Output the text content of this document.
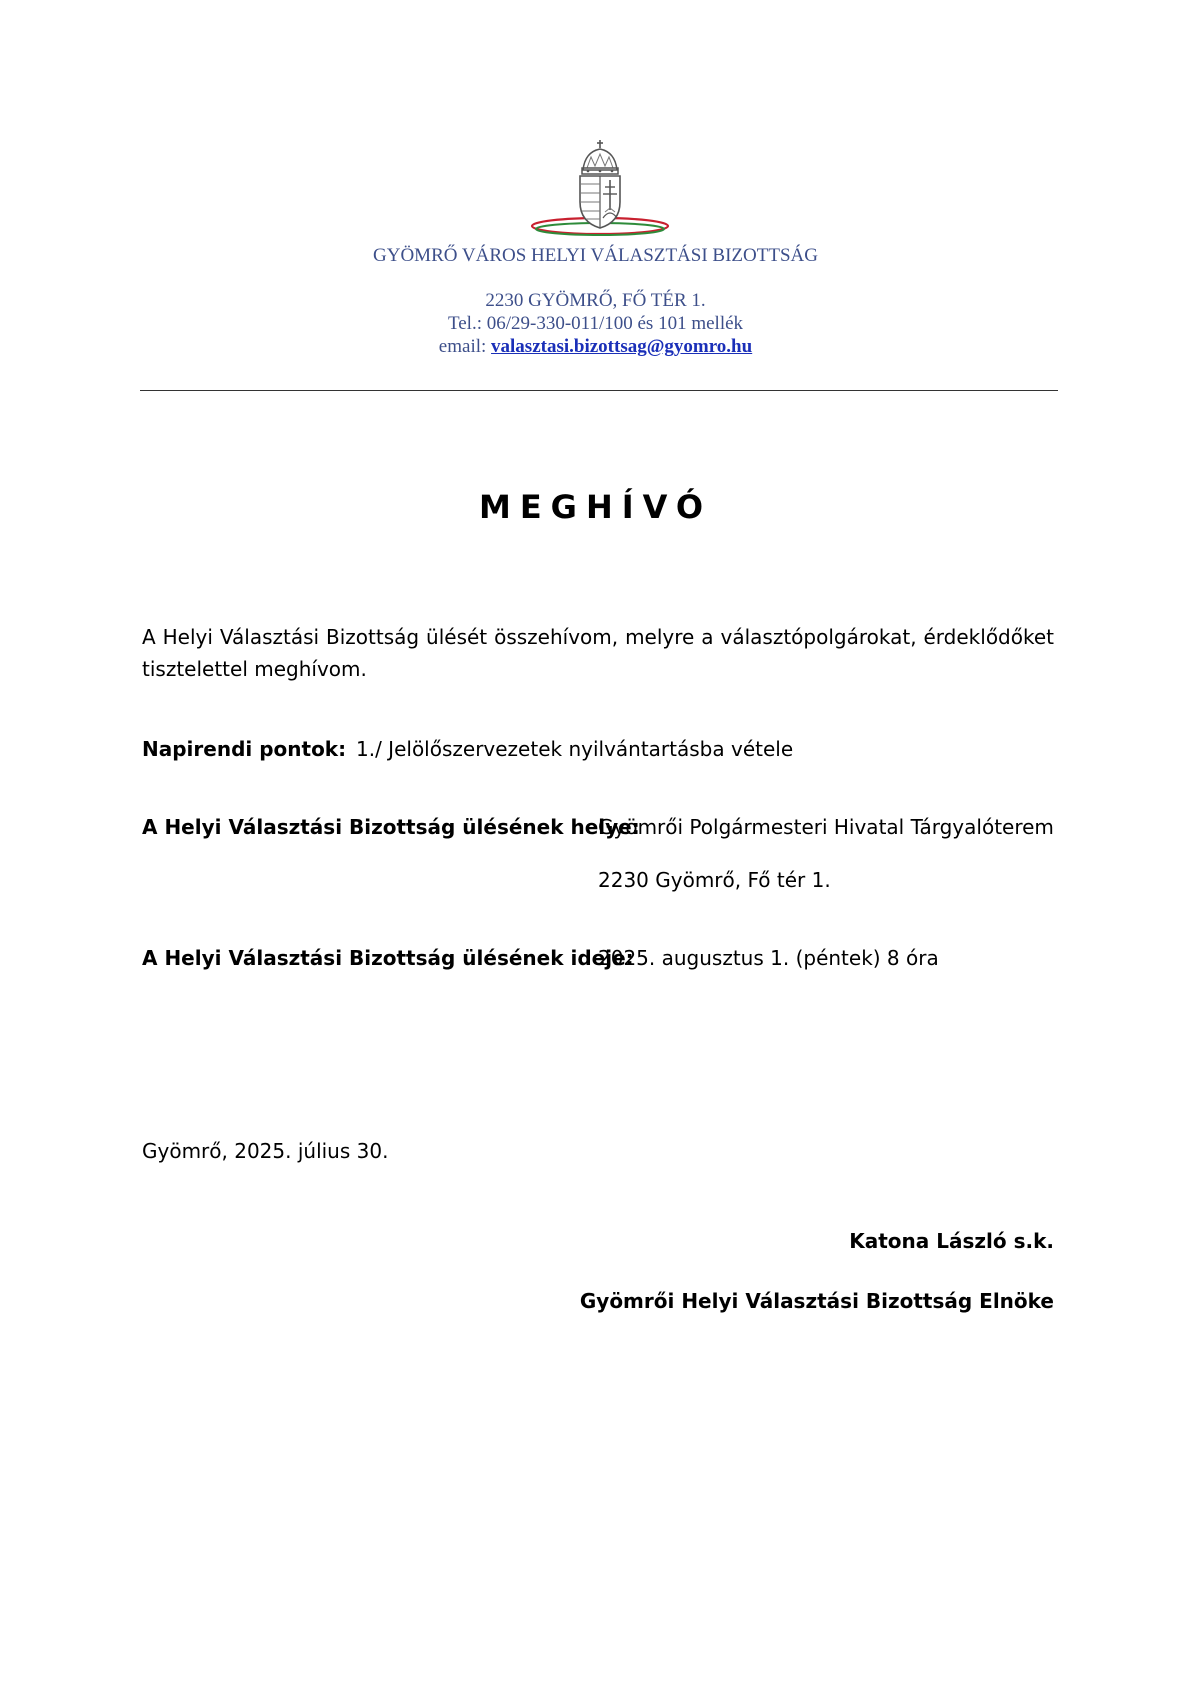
GYÖMRŐ VÁROS HELYI VÁLASZTÁSI BIZOTTSÁG
2230 GYÖMRŐ, FŐ TÉR 1.
Tel.: 06/29-330-011/100 és 101 mellék
email: valasztasi.bizottsag@gyomro.hu
MEGHÍVÓ
A Helyi Választási Bizottság ülését összehívom, melyre a választópolgárokat, érdeklődőket tisztelettel meghívom.
Napirendi pontok: 1./ Jelölőszervezetek nyilvántartásba vétele
A Helyi Választási Bizottság ülésének helye:
Gyömrői Polgármesteri Hivatal Tárgyalóterem
2230 Gyömrő, Fő tér 1.
A Helyi Választási Bizottság ülésének ideje:
2025. augusztus 1. (péntek) 8 óra
Gyömrő, 2025. július 30.
Katona László s.k.
Gyömrői Helyi Választási Bizottság Elnöke
